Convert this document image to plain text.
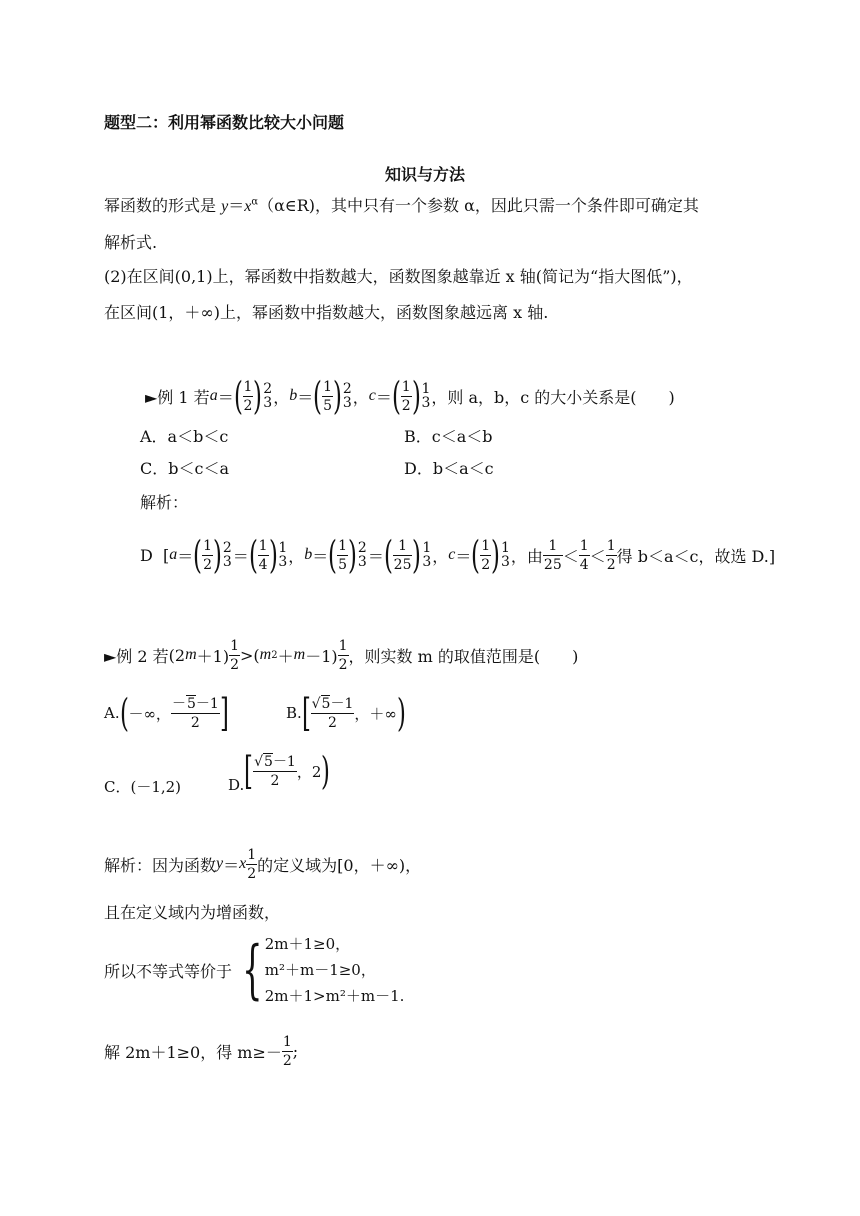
题型二：利用幂函数比较大小问题
知识与方法
幂函数的形式是 $y=x^\alpha(\alpha\in R)$，其中只有一个参数 α，因此只需一个条件即可确定其
解析式.
(2)在区间(0,1)上，幂函数中指数越大，函数图象越靠近 x 轴(简记为“指大图低”)，
在区间(1，＋∞)上，幂函数中指数越大，函数图象越远离 x 轴.
►例 1
若 a ＝ ( $\frac{1}{2}$ ) 2
3 ， b ＝ ( $\frac{1}{5}$ ) 2
3 ， c ＝ ( $\frac{1}{2}$ ) 1
3 ，则 a，b，c 的大小关系是(　　)
A．a＜b＜c	B．c＜a＜b
C．b＜c＜a	D．b＜a＜c
解析：
D [ a ＝ ( $\frac{1}{2}$ ) 2
3 ＝ ( $\frac{1}{4}$ ) 1
3 ， b ＝ ( $\frac{1}{5}$ ) 2
3 ＝ ( $\frac{1}{25}$ ) 1
3 ， c ＝ ( $\frac{1}{2}$ ) 1
3 ， 由 $\frac{1}{25} < \frac{1}{4} < \frac{1}{2}$ 得 b＜a＜c，故选 D.]
►例 2 若 (2 $m +1) \frac{1}{2}$ >( m $2 + m -1) \frac{1}{2}$ ，则实数 m 的取值范围是(　　)
A. ( －∞， $\frac{-5-1}{2}$ ]	B. [ $\frac{√5-1}{2}$ ，＋∞ )
C．(－1,2)	D. [ $\frac{√5-1}{2}$ ，2 )
解析：因为函数 y ＝ x $\frac{1}{2}$ 的定义域为[0，＋∞)，
且在定义域内为增函数，
所以不等式等价于 { 2m＋1≥0，
m²＋m－1≥0，
2m＋1>m²＋m－1.
解 2m＋1≥0，得 $m\ge- \frac{1}{2}$ ;
